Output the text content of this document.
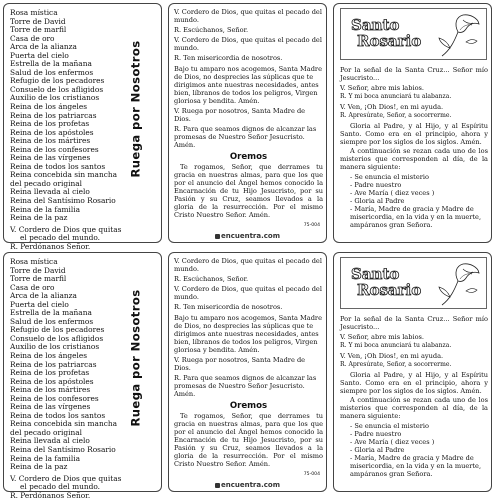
Rosa mística
Torre de David
Torre de marfil
Casa de oro
Arca de la alianza
Puerta del cielo
Estrella de la mañana
Salud de los enfermos
Refugio de los pecadores
Consuelo de los afligidos
Auxilio de los cristianos
Reina de los ángeles
Reina de los patriarcas
Reina de los profetas
Reina de los apóstoles
Reina de los mártires
Reina de los confesores
Reina de las vírgenes
Reina de todos los santos
Reina concebida sin mancha
del pecado original
Reina llevada al cielo
Reina del Santísimo Rosario
Reina de la familia
Reina de la paz
V. Cordero de Dios que quitas
el pecado del mundo.
R. Perdónanos Señor.
Ruega por Nosotros

V. Cordero de Dios, que quitas el pecado del mundo.

R. Escúchanos, Señor.

V. Cordero de Dios, que quitas el pecado del mundo.

R. Ten misericordia de nosotros.

Bajo tu amparo nos acogemos, Santa Madre de Dios, no desprecies las súplicas que te dirigimos ante nuestras necesidades, antes bien, líbranos de todos los peligros, Virgen gloriosa y bendita. Amén.

V. Ruega por nosotros, Santa Madre de Dios.

R. Para que seamos dignos de alcanzar las promesas de Nuestro Señor Jesucristo. Amén.

Oremos

Te rogamos, Señor, que derrames tu gracia en nuestras almas, para que los que por el anuncio del Ángel hemos conocido la Encarnación de tu Hijo Jesucristo, por su Pasión y su Cruz, seamos llevados a la gloria de la resurrección. Por el mismo Cristo Nuestro Señor. Amén.

75-004
encuentra.com
Santo
Rosario

Por la señal de la Santa Cruz... Señor mío Jesucristo...

V. Señor, abre mis labios.

R. Y mi boca anunciará tu alabanza.

V. Ven, ¡Oh Dios!, en mi ayuda.

R. Apresúrate, Señor, a socorrerme.

Gloria al Padre, y al Hijo, y al Espíritu Santo. Como era en el principio, ahora y siempre por los siglos de los siglos. Amén.

A continuación se rezan cada uno de los misterios que corresponden al día, de la manera siguiente:

- Se enuncia el misterio
- Padre nuestro
- Ave María ( diez veces )
- Gloria al Padre
- María, Madre de gracia y Madre de misericordia, en la vida y en la muerte, ampáranos gran Señora.
Rosa mística
Torre de David
Torre de marfil
Casa de oro
Arca de la alianza
Puerta del cielo
Estrella de la mañana
Salud de los enfermos
Refugio de los pecadores
Consuelo de los afligidos
Auxilio de los cristianos
Reina de los ángeles
Reina de los patriarcas
Reina de los profetas
Reina de los apóstoles
Reina de los mártires
Reina de los confesores
Reina de las vírgenes
Reina de todos los santos
Reina concebida sin mancha
del pecado original
Reina llevada al cielo
Reina del Santísimo Rosario
Reina de la familia
Reina de la paz
V. Cordero de Dios que quitas
el pecado del mundo.
R. Perdónanos Señor.
Ruega por Nosotros

V. Cordero de Dios, que quitas el pecado del mundo.

R. Escúchanos, Señor.

V. Cordero de Dios, que quitas el pecado del mundo.

R. Ten misericordia de nosotros.

Bajo tu amparo nos acogemos, Santa Madre de Dios, no desprecies las súplicas que te dirigimos ante nuestras necesidades, antes bien, líbranos de todos los peligros, Virgen gloriosa y bendita. Amén.

V. Ruega por nosotros, Santa Madre de Dios.

R. Para que seamos dignos de alcanzar las promesas de Nuestro Señor Jesucristo. Amén.

Oremos

Te rogamos, Señor, que derrames tu gracia en nuestras almas, para que los que por el anuncio del Ángel hemos conocido la Encarnación de tu Hijo Jesucristo, por su Pasión y su Cruz, seamos llevados a la gloria de la resurrección. Por el mismo Cristo Nuestro Señor. Amén.

75-004
encuentra.com
Santo
Rosario

Por la señal de la Santa Cruz... Señor mío Jesucristo...

V. Señor, abre mis labios.

R. Y mi boca anunciará tu alabanza.

V. Ven, ¡Oh Dios!, en mi ayuda.

R. Apresúrate, Señor, a socorrerme.

Gloria al Padre, y al Hijo, y al Espíritu Santo. Como era en el principio, ahora y siempre por los siglos de los siglos. Amén.

A continuación se rezan cada uno de los misterios que corresponden al día, de la manera siguiente:

- Se enuncia el misterio
- Padre nuestro
- Ave María ( diez veces )
- Gloria al Padre
- María, Madre de gracia y Madre de misericordia, en la vida y en la muerte, ampáranos gran Señora.
